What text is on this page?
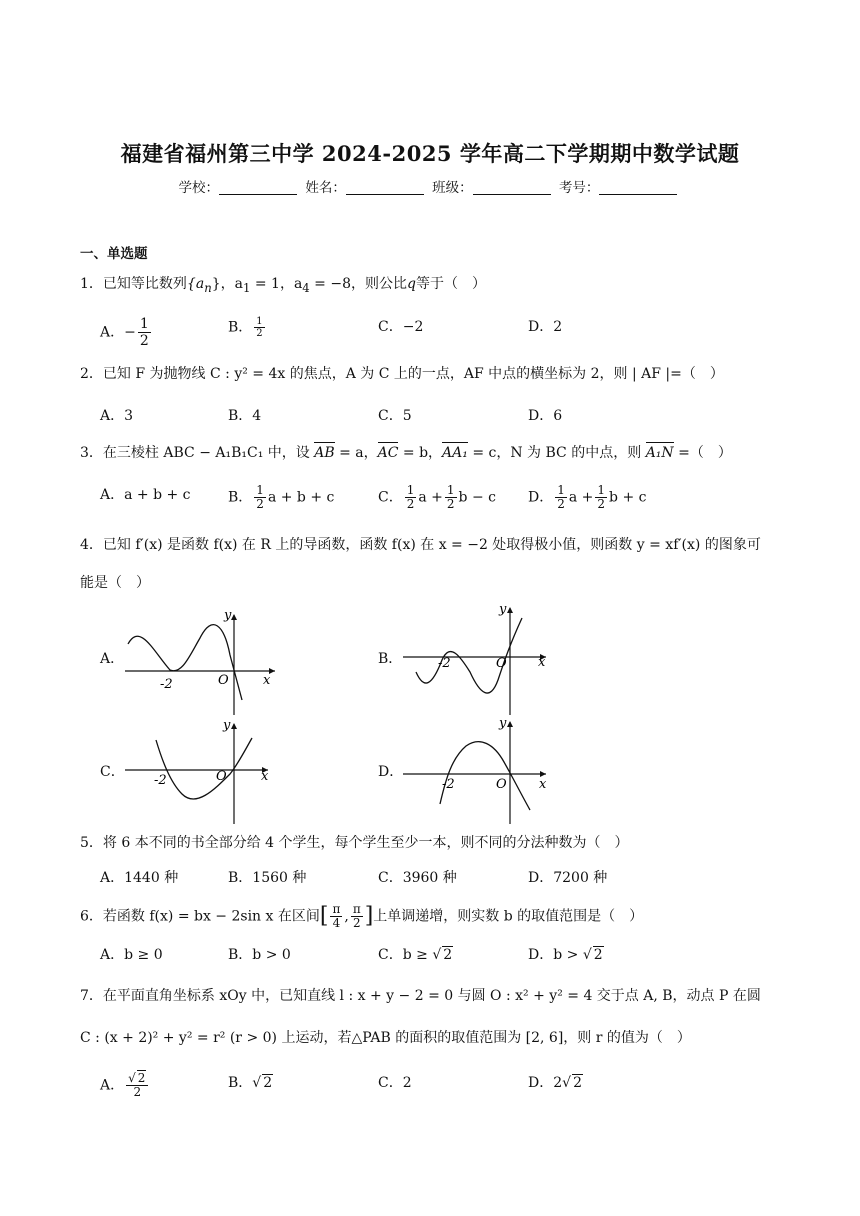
福建省福州第三中学 2024-2025 学年高二下学期期中数学试题
学校：	姓名：	班级：	考号：
一、单选题
1．已知等比数列$\{a_n\}$，$a_1 = 1$，$a_4 = -8$，则公比q等于（　）
A．− $\frac{1}{2}$	B． $\frac{1}{2}$	C．−2	D．2
2．已知 F 为抛物线 C : y² = 4x 的焦点，A 为 C 上的一点，AF 中点的横坐标为 2，则 | AF |=（　）
A．3	B．4	C．5	D．6
3．在三棱柱 ABC − A₁B₁C₁ 中，设 AB = a，AC = b，AA₁ = c，N 为 BC 的中点，则 A₁N =（　）
A．a + b + c	B． $\frac{1}{2}$ a + b + c	C． $\frac{1}{2}$ $a + \frac{1}{2}$ b − c D． $\frac{1}{2}$ $a + \frac{1}{2}$ b + c
4．已知 f′(x) 是函数 f(x) 在 R 上的导函数，函数 f(x) 在 x = −2 处取得极小值，则函数 y = xf′(x) 的图象可
能是（　）
A．
-2	O	x
y
B．	-2	O x
y
C．
-2	O	x
y
D．
-2	O x
y
5．将 6 本不同的书全部分给 4 个学生，每个学生至少一本，则不同的分法种数为（　）
A．1440 种	B．1560 种	C．3960 种	D．7200 种
6．若函数 f(x) = bx − 2sin x 在区间[ $\frac{\pi}{4}$ , $\frac{\pi}{2}$ ]上单调递增，则实数 b 的取值范围是（　）
A．b ≥ 0	B．b > 0	C．b ≥ √ 2	D．b > √ 2
7．在平面直角坐标系 xOy 中，已知直线 l : x + y − 2 = 0 与圆 O : x² + y² = 4 交于点 A, B，动点 P 在圆
C : (x + 2)² + y² = r² (r > 0) 上运动，若△PAB 的面积的取值范围为 [2, 6]，则 r 的值为（　）
A． $\frac{√ 2}{2}$	B．√ 2	C．2	D．2√ 2
